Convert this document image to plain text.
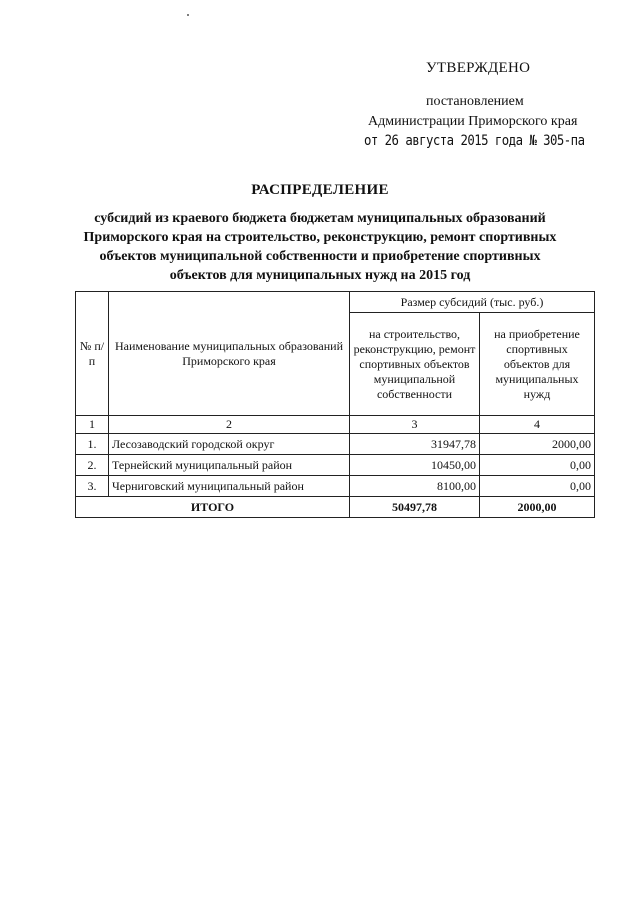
УТВЕРЖДЕНО
постановлением
Администрации Приморского края
от 26 августа 2015 года № 305-па
РАСПРЕДЕЛЕНИЕ
субсидий из краевого бюджета бюджетам муниципальных образований
Приморского края на строительство, реконструкцию, ремонт спортивных
объектов муниципальной собственности и приобретение спортивных
объектов для муниципальных нужд на 2015 год
№ п/п	Наименование муниципальных образований Приморского края	Размер субсидий (тыс. руб.)	
		на строительство, реконструкцию, ремонт спортивных объектов муниципальной собственности	на приобретение спортивных объектов для муниципальных нужд
1	2	3	4
1.	Лесозаводский городской округ	31947,78	2000,00
2.	Тернейский муниципальный район	10450,00	0,00
3.	Черниговский муниципальный район	8100,00	0,00
ИТОГО		50497,78	2000,00
